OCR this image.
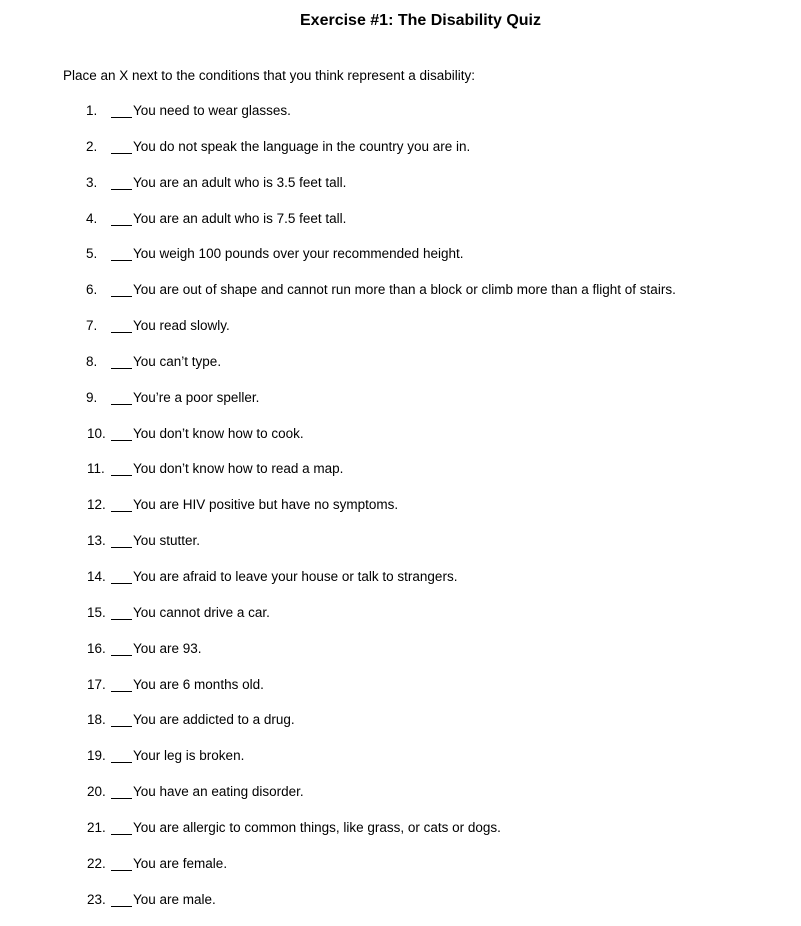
Exercise #1: The Disability Quiz
Place an X next to the conditions that you think represent a disability:
1.	You need to wear glasses.
2.	You do not speak the language in the country you are in.
3.	You are an adult who is 3.5 feet tall.
4.	You are an adult who is 7.5 feet tall.
5.	You weigh 100 pounds over your recommended height.
6.	You are out of shape and cannot run more than a block or climb more than a flight of stairs.
7.	You read slowly.
8.	You can’t type.
9.	You’re a poor speller.
10. You don’t know how to cook.
11. You don’t know how to read a map.
12. You are HIV positive but have no symptoms.
13. You stutter.
14. You are afraid to leave your house or talk to strangers.
15. You cannot drive a car.
16. You are 93.
17. You are 6 months old.
18. You are addicted to a drug.
19. Your leg is broken.
20. You have an eating disorder.
21. You are allergic to common things, like grass, or cats or dogs.
22. You are female.
23. You are male.
